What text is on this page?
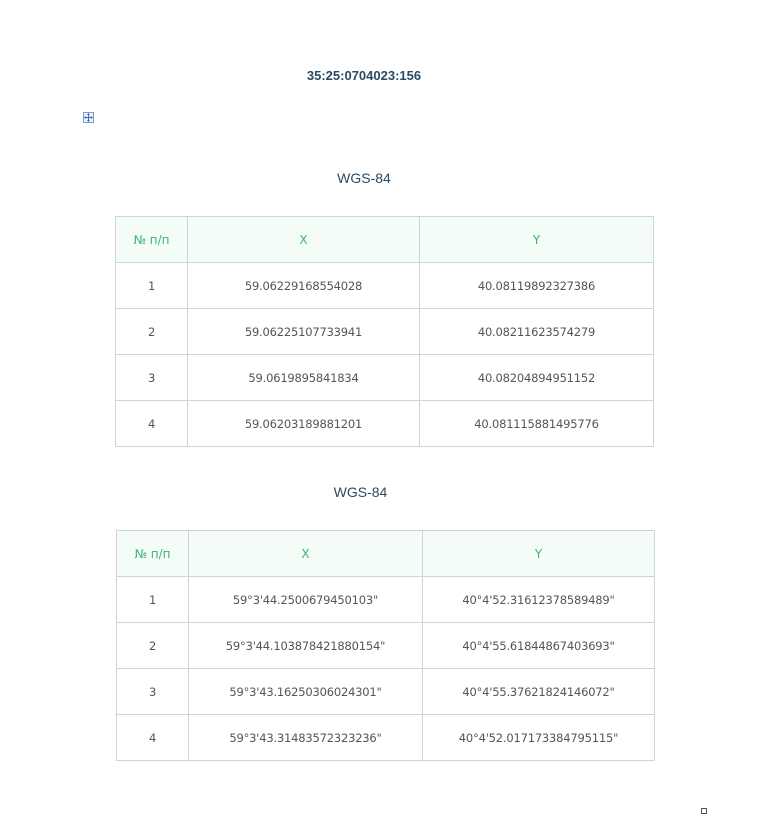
35:25:0704023:156
WGS-84
№ п/п	X	Y
1	59.06229168554028	40.08119892327386
2	59.06225107733941	40.08211623574279
3	59.0619895841834	40.08204894951152
4	59.06203189881201	40.081115881495776
WGS-84
№ п/п	X	Y
1	59°3'44.2500679450103"	40°4'52.31612378589489"
2	59°3'44.103878421880154"	40°4'55.61844867403693"
3	59°3'43.16250306024301"	40°4'55.37621824146072"
4	59°3'43.31483572323236"	40°4'52.017173384795115"
